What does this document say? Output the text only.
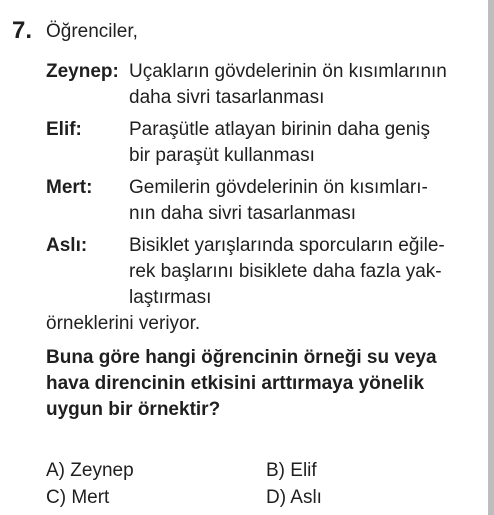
7. Öğrenciler,
Zeynep: Uçakların gövdelerinin ön kısımlarının
daha sivri tasarlanması
Elif: Paraşütle atlayan birinin daha geniş
bir paraşüt kullanması
Mert: Gemilerin gövdelerinin ön kısımları-
nın daha sivri tasarlanması
Aslı: Bisiklet yarışlarında sporcuların eğile-
rek başlarını bisiklete daha fazla yak-
laştırması
örneklerini veriyor.
Buna göre hangi öğrencinin örneği su veya
hava direncinin etkisini arttırmaya yönelik
uygun bir örnektir?
A) Zeynep	B) Elif
C) Mert	D) Aslı
